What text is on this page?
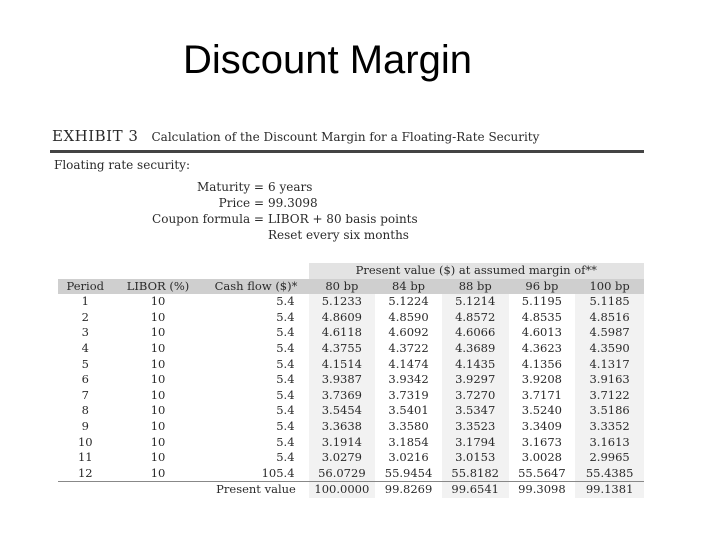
Discount Margin
EXHIBIT 3 Calculation of the Discount Margin for a Floating-Rate Security
Floating rate security:
Maturity = 6 years
Price = 99.3098
Coupon formula = LIBOR + 80 basis points
Reset every six months
			Present value ($) at assumed margin of**				
Period	LIBOR (%)	Cash flow ($)*	80 bp	84 bp	88 bp	96 bp	100 bp
1	10	5.4	5.1233	5.1224	5.1214	5.1195	5.1185
2	10	5.4	4.8609	4.8590	4.8572	4.8535	4.8516
3	10	5.4	4.6118	4.6092	4.6066	4.6013	4.5987
4	10	5.4	4.3755	4.3722	4.3689	4.3623	4.3590
5	10	5.4	4.1514	4.1474	4.1435	4.1356	4.1317
6	10	5.4	3.9387	3.9342	3.9297	3.9208	3.9163
7	10	5.4	3.7369	3.7319	3.7270	3.7171	3.7122
8	10	5.4	3.5454	3.5401	3.5347	3.5240	3.5186
9	10	5.4	3.3638	3.3580	3.3523	3.3409	3.3352
10	10	5.4	3.1914	3.1854	3.1794	3.1673	3.1613
11	10	5.4	3.0279	3.0216	3.0153	3.0028	2.9965
12	10	105.4	56.0729	55.9454	55.8182	55.5647	55.4385
		Present value	100.0000	99.8269	99.6541	99.3098	99.1381
